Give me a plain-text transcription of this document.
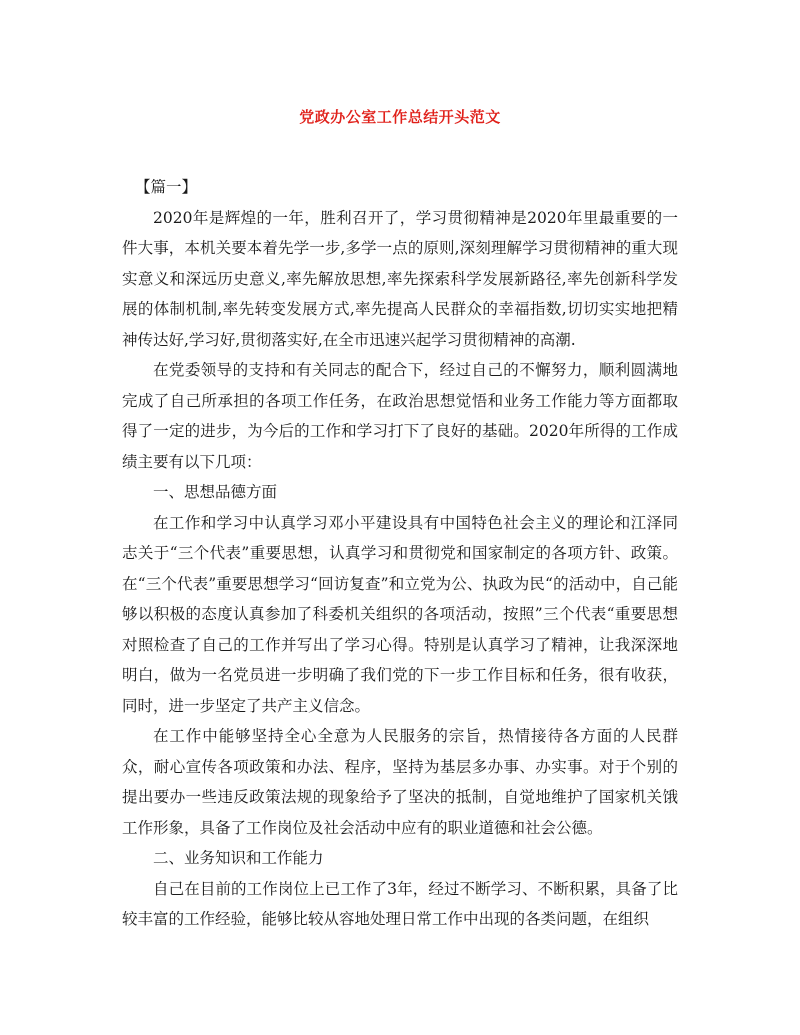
党政办公室工作总结开头范文

【篇一】

2020年是辉煌的一年，胜利召开了，学习贯彻精神是2020年里最重要的一件大事，本机关要本着先学一步,多学一点的原则,深刻理解学习贯彻精神的重大现实意义和深远历史意义,率先解放思想,率先探索科学发展新路径,率先创新科学发展的体制机制,率先转变发展方式,率先提高人民群众的幸福指数,切切实实地把精神传达好,学习好,贯彻落实好,在全市迅速兴起学习贯彻精神的高潮.

在党委领导的支持和有关同志的配合下，经过自己的不懈努力，顺利圆满地完成了自己所承担的各项工作任务，在政治思想觉悟和业务工作能力等方面都取得了一定的进步，为今后的工作和学习打下了良好的基础。2020年所得的工作成绩主要有以下几项：

一、思想品德方面

在工作和学习中认真学习邓小平建设具有中国特色社会主义的理论和江泽同志关于“三个代表”重要思想，认真学习和贯彻党和国家制定的各项方针、政策。在“三个代表”重要思想学习“回访复查”和立党为公、执政为民“的活动中，自己能够以积极的态度认真参加了科委机关组织的各项活动，按照”三个代表“重要思想对照检查了自己的工作并写出了学习心得。特别是认真学习了精神，让我深深地明白，做为一名党员进一步明确了我们党的下一步工作目标和任务，很有收获，同时，进一步坚定了共产主义信念。

在工作中能够坚持全心全意为人民服务的宗旨，热情接待各方面的人民群众，耐心宣传各项政策和办法、程序，坚持为基层多办事、办实事。对于个别的提出要办一些违反政策法规的现象给予了坚决的抵制，自觉地维护了国家机关饿工作形象，具备了工作岗位及社会活动中应有的职业道德和社会公德。

二、业务知识和工作能力

自己在目前的工作岗位上已工作了3年，经过不断学习、不断积累，具备了比较丰富的工作经验，能够比较从容地处理日常工作中出现的各类问题，在组织
